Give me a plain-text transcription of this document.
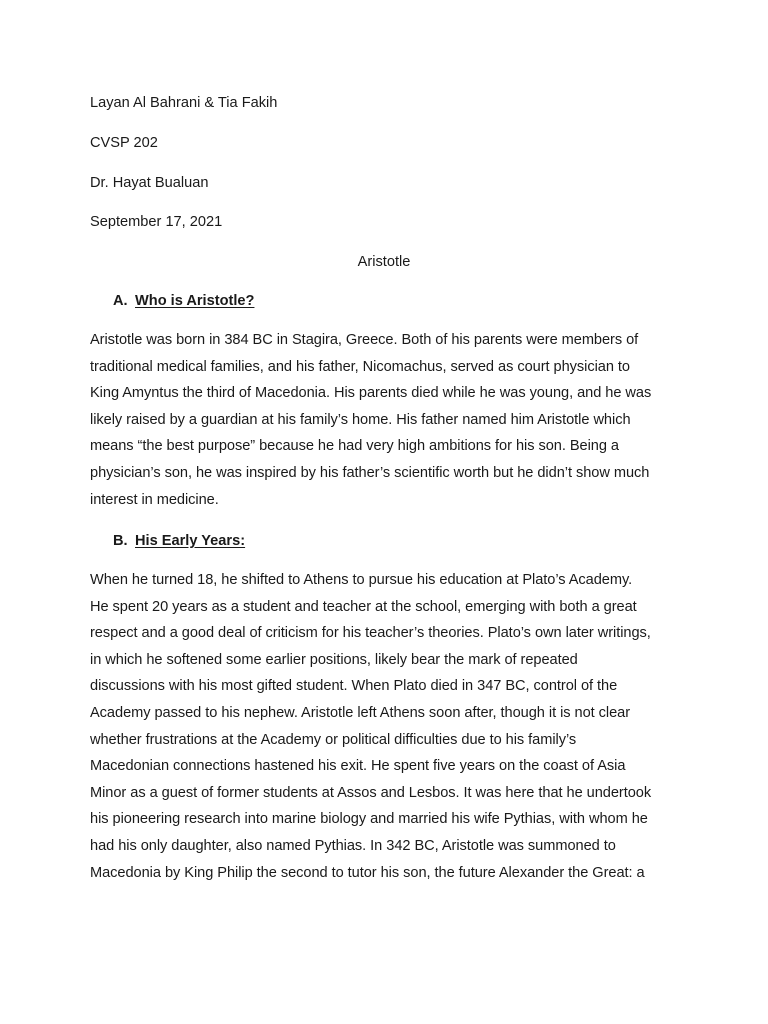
Layan Al Bahrani & Tia Fakih
CVSP 202
Dr. Hayat Bualuan
September 17, 2021
Aristotle
A. Who is Aristotle?
Aristotle was born in 384 BC in Stagira, Greece. Both of his parents were members of
traditional medical families, and his father, Nicomachus, served as court physician to
King Amyntus the third of Macedonia. His parents died while he was young, and he was
likely raised by a guardian at his family’s home. His father named him Aristotle which
means “the best purpose” because he had very high ambitions for his son. Being a
physician’s son, he was inspired by his father’s scientific worth but he didn’t show much
interest in medicine.
B. His Early Years:
When he turned 18, he shifted to Athens to pursue his education at Plato’s Academy.
He spent 20 years as a student and teacher at the school, emerging with both a great
respect and a good deal of criticism for his teacher’s theories. Plato’s own later writings,
in which he softened some earlier positions, likely bear the mark of repeated
discussions with his most gifted student. When Plato died in 347 BC, control of the
Academy passed to his nephew. Aristotle left Athens soon after, though it is not clear
whether frustrations at the Academy or political difficulties due to his family’s
Macedonian connections hastened his exit. He spent five years on the coast of Asia
Minor as a guest of former students at Assos and Lesbos. It was here that he undertook
his pioneering research into marine biology and married his wife Pythias, with whom he
had his only daughter, also named Pythias. In 342 BC, Aristotle was summoned to
Macedonia by King Philip the second to tutor his son, the future Alexander the Great: a
